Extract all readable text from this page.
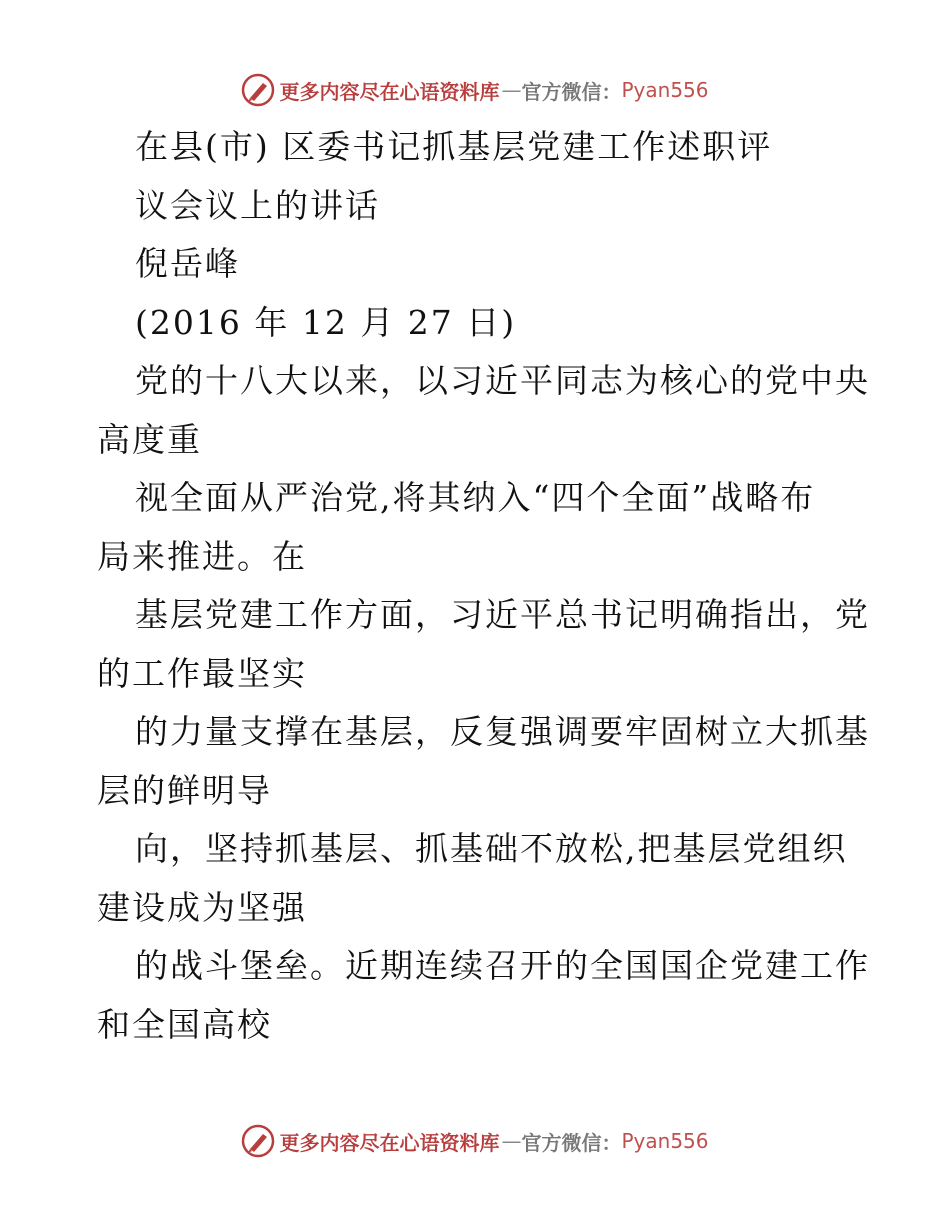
更多内容尽在心语资料库 — 官方微信： Pyan556
在县(市) 区委书记抓基层党建工作述职评
议会议上的讲话
倪岳峰
(2016 年 12 月 27 日)
党的十八大以来，以习近平同志为核心的党中央
高度重
视全面从严治党,将其纳入“四个全面”战略布
局来推进。在
基层党建工作方面，习近平总书记明确指出，党
的工作最坚实
的力量支撑在基层，反复强调要牢固树立大抓基
层的鲜明导
向，坚持抓基层、抓基础不放松,把基层党组织
建设成为坚强
的战斗堡垒。近期连续召开的全国国企党建工作
和全国高校
更多内容尽在心语资料库 — 官方微信： Pyan556
